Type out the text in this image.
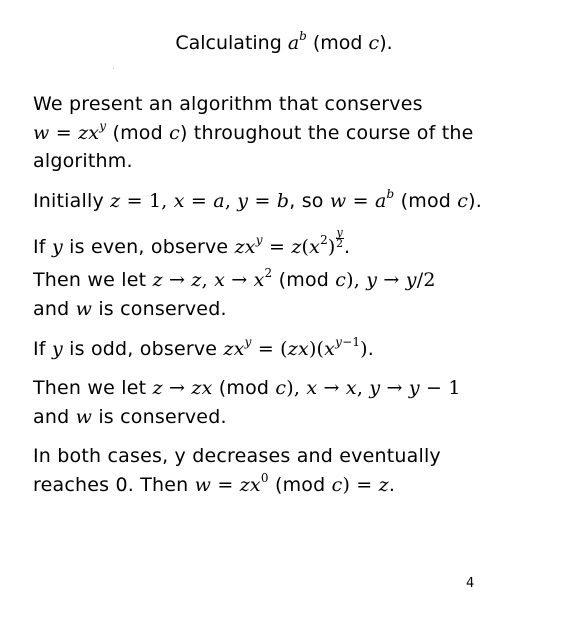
Calculating $a^b$ (mod c).
We present an algorithm that conserves
$w = zx^y$ (mod c) throughout the course of the
algorithm.
Initially z = 1, x = a, y = b, so $w = a^b$ (mod c).
If y is even, observe $zx^y = z(x^2) \frac{y}{2}$ .
Then we let z → z, $x \to x^2$ (mod c), y → y/2
and w is conserved.
If y is odd, observe $zx^y = (zx)(x^{y-1})$.
Then we let z → zx (mod c), x → x, y → y − 1
and w is conserved.
In both cases, y decreases and eventually
reaches 0. Then $w = zx^0$ (mod c) = z.
4
